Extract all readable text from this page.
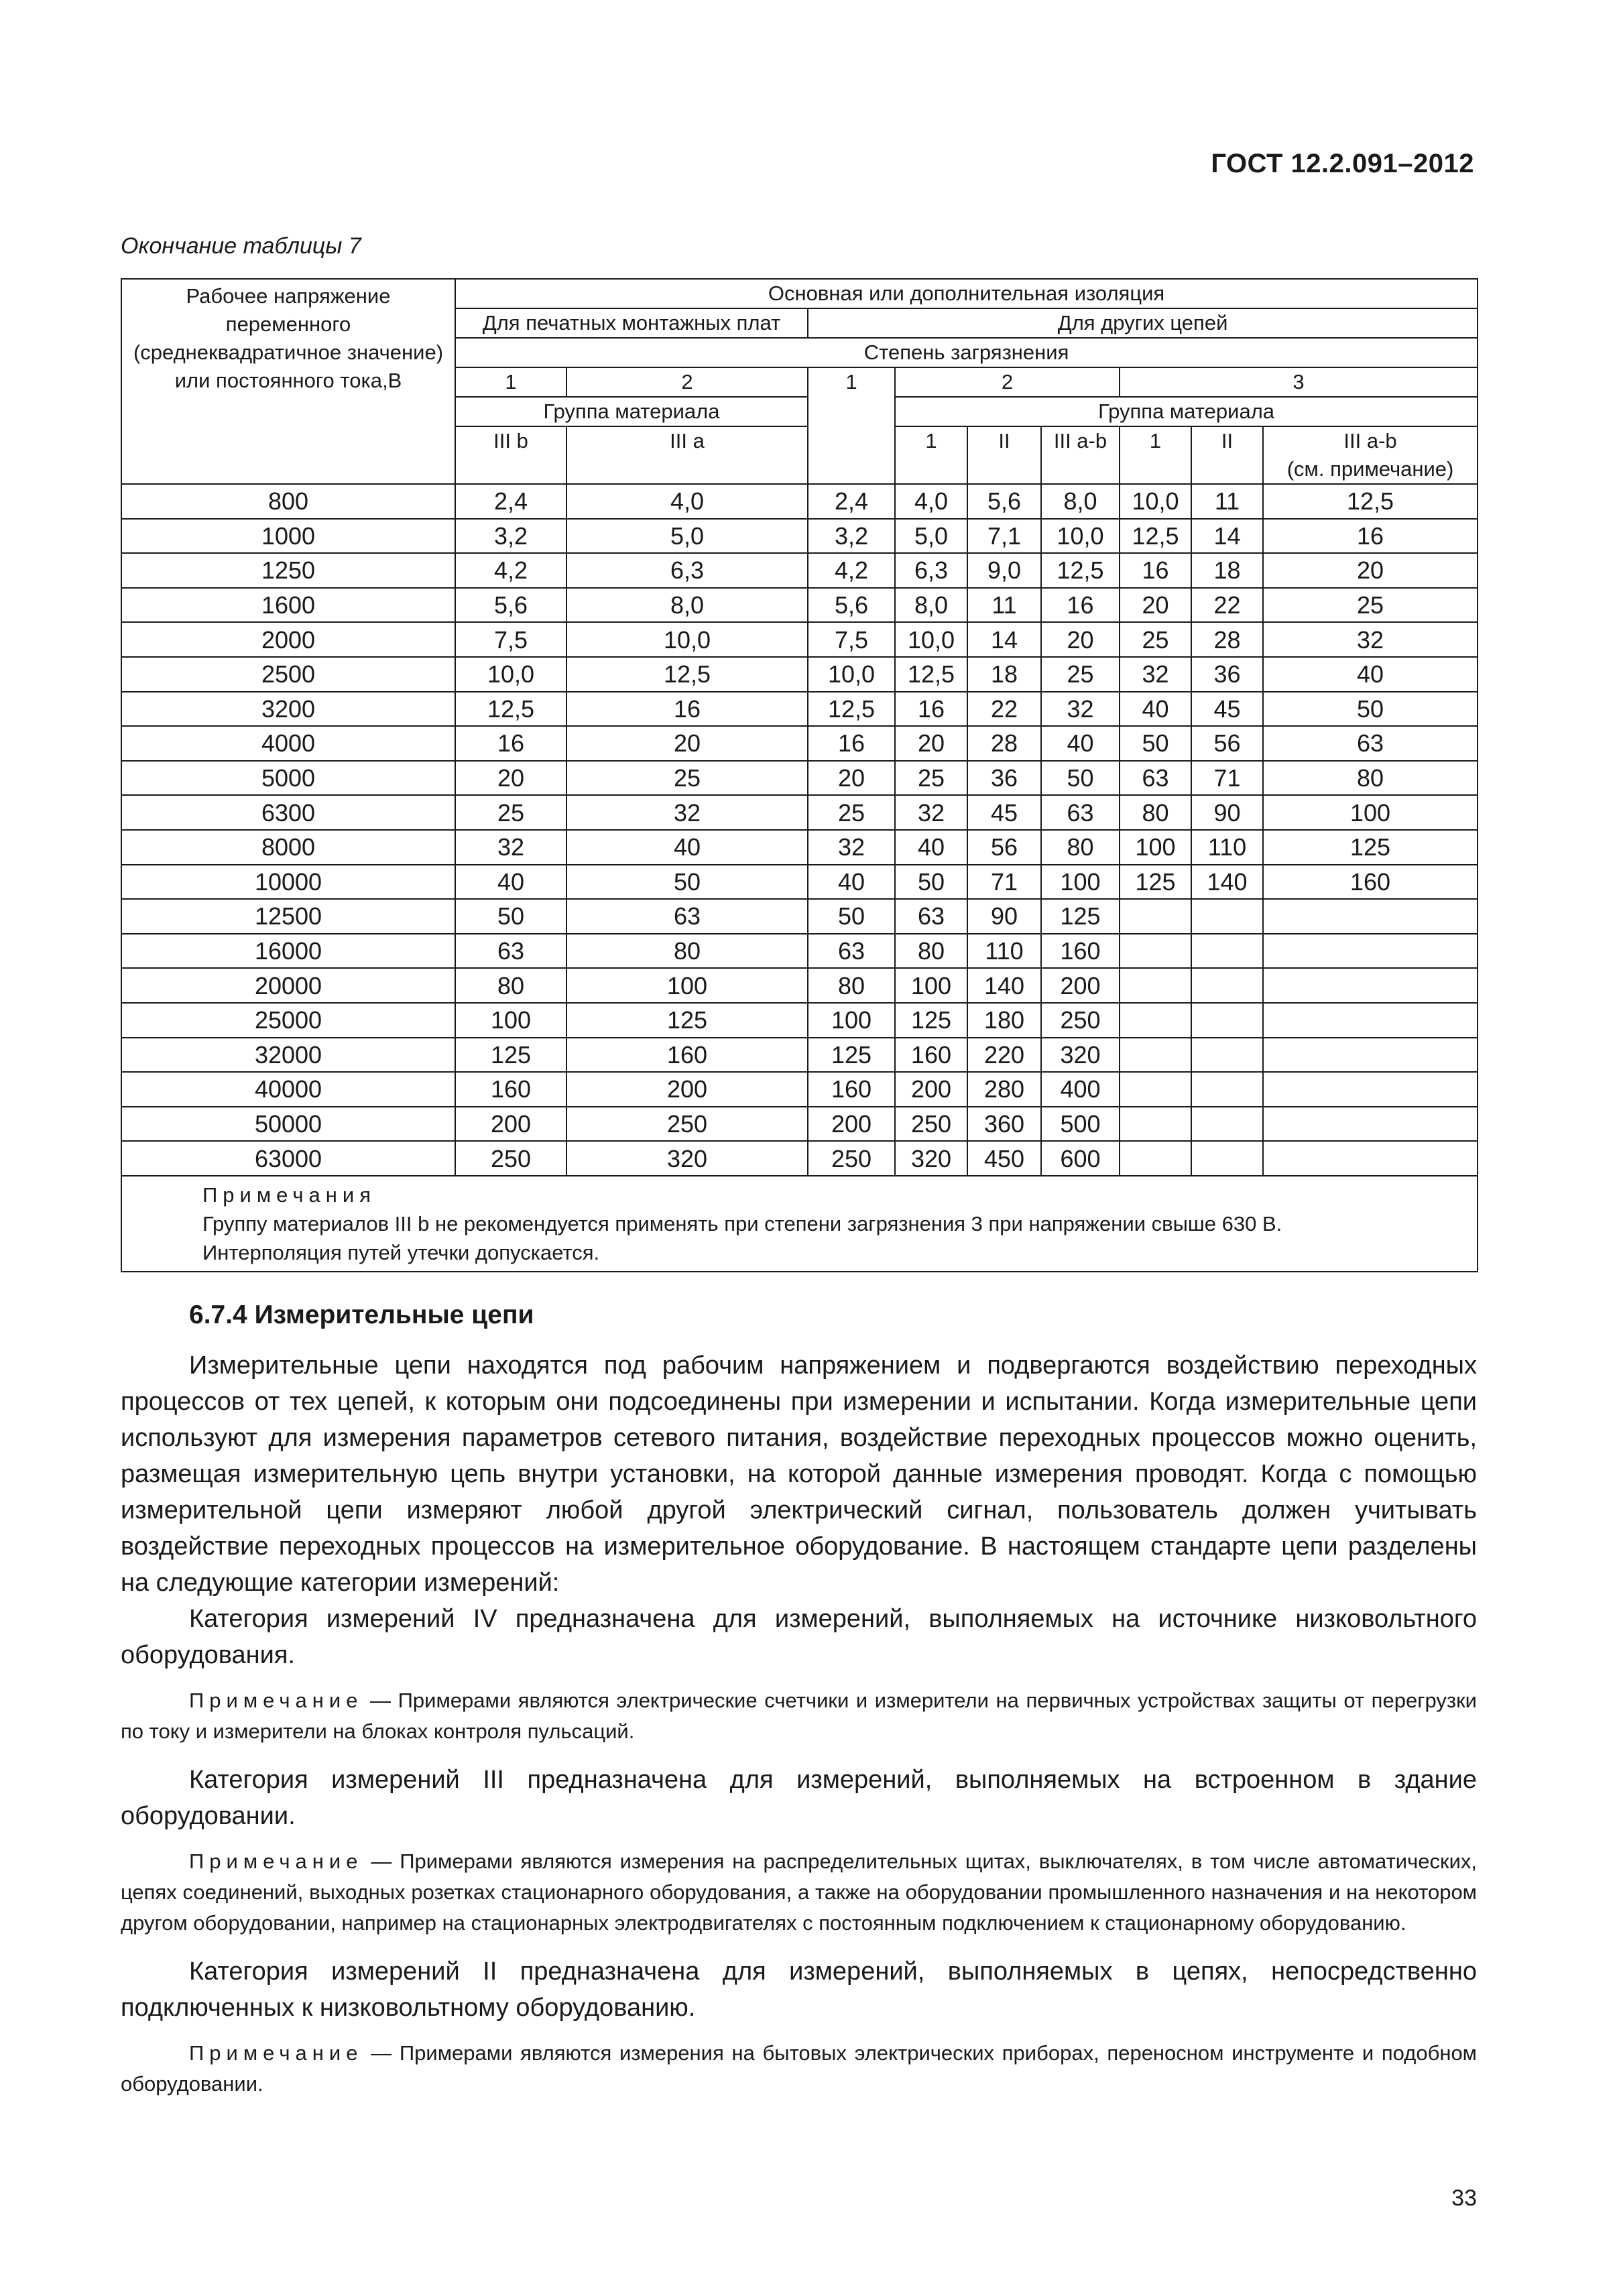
ГОСТ 12.2.091–2012
Окончание таблицы 7
Рабочее напряжение переменного (среднеквадратичное значение) или постоянного тока,В	Основная или дополнительная изоляция								
	Для печатных монтажных плат		Для других цепей						
	Степень загрязнения								
	1	2	1	2			3		
	Группа материала			Группа материала					
	III b	III a		1	II	III a-b	1	II	III a-b
(см. примечание)
800	2,4	4,0	2,4	4,0	5,6	8,0	10,0	11	12,5
1000	3,2	5,0	3,2	5,0	7,1	10,0	12,5	14	16
1250	4,2	6,3	4,2	6,3	9,0	12,5	16	18	20
1600	5,6	8,0	5,6	8,0	11	16	20	22	25
2000	7,5	10,0	7,5	10,0	14	20	25	28	32
2500	10,0	12,5	10,0	12,5	18	25	32	36	40
3200	12,5	16	12,5	16	22	32	40	45	50
4000	16	20	16	20	28	40	50	56	63
5000	20	25	20	25	36	50	63	71	80
6300	25	32	25	32	45	63	80	90	100
8000	32	40	32	40	56	80	100	110	125
10000	40	50	40	50	71	100	125	140	160
12500	50	63	50	63	90	125			
16000	63	80	63	80	110	160			
20000	80	100	80	100	140	200			
25000	100	125	100	125	180	250			
32000	125	160	125	160	220	320			
40000	160	200	160	200	280	400			
50000	200	250	200	250	360	500			
63000	250	320	250	320	450	600			

Примечания
Группу материалов III b не рекомендуется применять при степени загрязнения 3 при напряжении свыше 630 В.
Интерполяция путей утечки допускается.									
6.7.4 Измерительные цепи

Измерительные цепи находятся под рабочим напряжением и подвергаются воздействию переходных процессов от тех цепей, к которым они подсоединены при измерении и испытании. Когда измерительные цепи используют для измерения параметров сетевого питания, воздействие переходных процессов можно оценить, размещая измерительную цепь внутри установки, на которой данные измерения проводят. Когда с помощью измерительной цепи измеряют любой другой электрический сигнал, пользователь должен учитывать воздействие переходных процессов на измерительное оборудование. В настоящем стандарте цепи разделены на следующие категории измерений:

Категория измерений IV предназначена для измерений, выполняемых на источнике низковольтного оборудования.

Примечание — Примерами являются электрические счетчики и измерители на первичных устройствах защиты от перегрузки по току и измерители на блоках контроля пульсаций.

Категория измерений III предназначена для измерений, выполняемых на встроенном в здание оборудовании.

Примечание — Примерами являются измерения на распределительных щитах, выключателях, в том числе автоматических, цепях соединений, выходных розетках стационарного оборудования, а также на оборудовании промышленного назначения и на некотором другом оборудовании, например на стационарных электродвигателях с постоянным подключением к стационарному оборудованию.

Категория измерений II предназначена для измерений, выполняемых в цепях, непосредственно подключенных к низковольтному оборудованию.

Примечание — Примерами являются измерения на бытовых электрических приборах, переносном инструменте и подобном оборудовании.

33
